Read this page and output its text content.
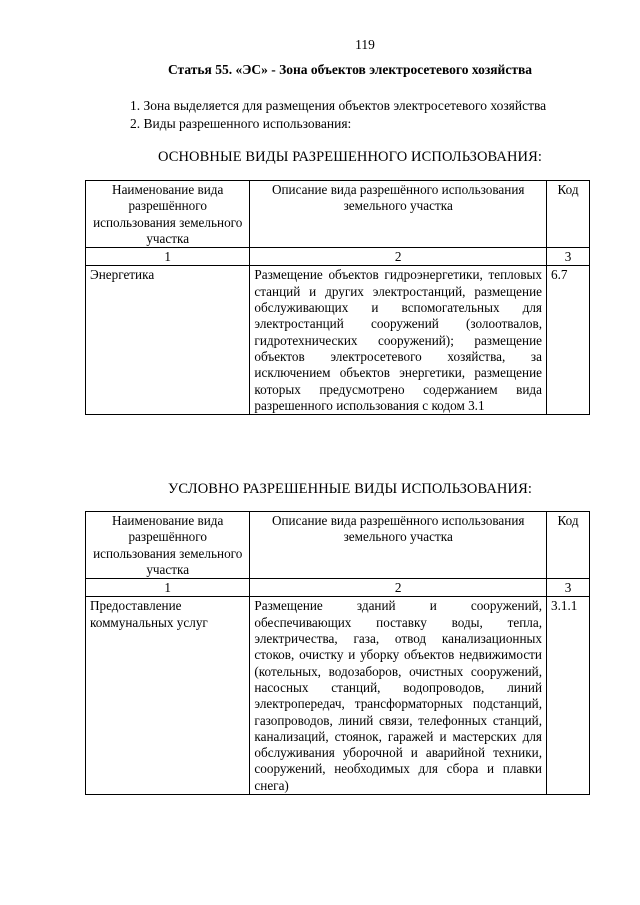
119
Статья 55. «ЭС» - Зона объектов электросетевого хозяйства
1. Зона выделяется для размещения объектов электросетевого хозяйства
2. Виды разрешенного использования:
ОСНОВНЫЕ ВИДЫ РАЗРЕШЕННОГО ИСПОЛЬЗОВАНИЯ:
Наименование вида разрешённого использования земельного участка	Описание вида разрешённого использования земельного участка	Код
1	2	3
Энергетика	Размещение объектов гидроэнергетики, тепловых станций и других электростанций, размещение обслуживающих и вспомогательных для электростанций сооружений (золоотвалов, гидротехнических сооружений); размещение объектов электросетевого хозяйства, за исключением объектов энергетики, размещение которых предусмотрено содержанием вида разрешенного использования с кодом 3.1	6.7
УСЛОВНО РАЗРЕШЕННЫЕ ВИДЫ ИСПОЛЬЗОВАНИЯ:
Наименование вида разрешённого использования земельного участка	Описание вида разрешённого использования земельного участка	Код
1	2	3
Предоставление коммунальных услуг	Размещение зданий и сооружений, обеспечивающих поставку воды, тепла, электричества, газа, отвод канализационных стоков, очистку и уборку объектов недвижимости (котельных, водозаборов, очистных сооружений, насосных станций, водопроводов, линий электропередач, трансформаторных подстанций, газопроводов, линий связи, телефонных станций, канализаций, стоянок, гаражей и мастерских для обслуживания уборочной и аварийной техники, сооружений, необходимых для сбора и плавки снега)	3.1.1
